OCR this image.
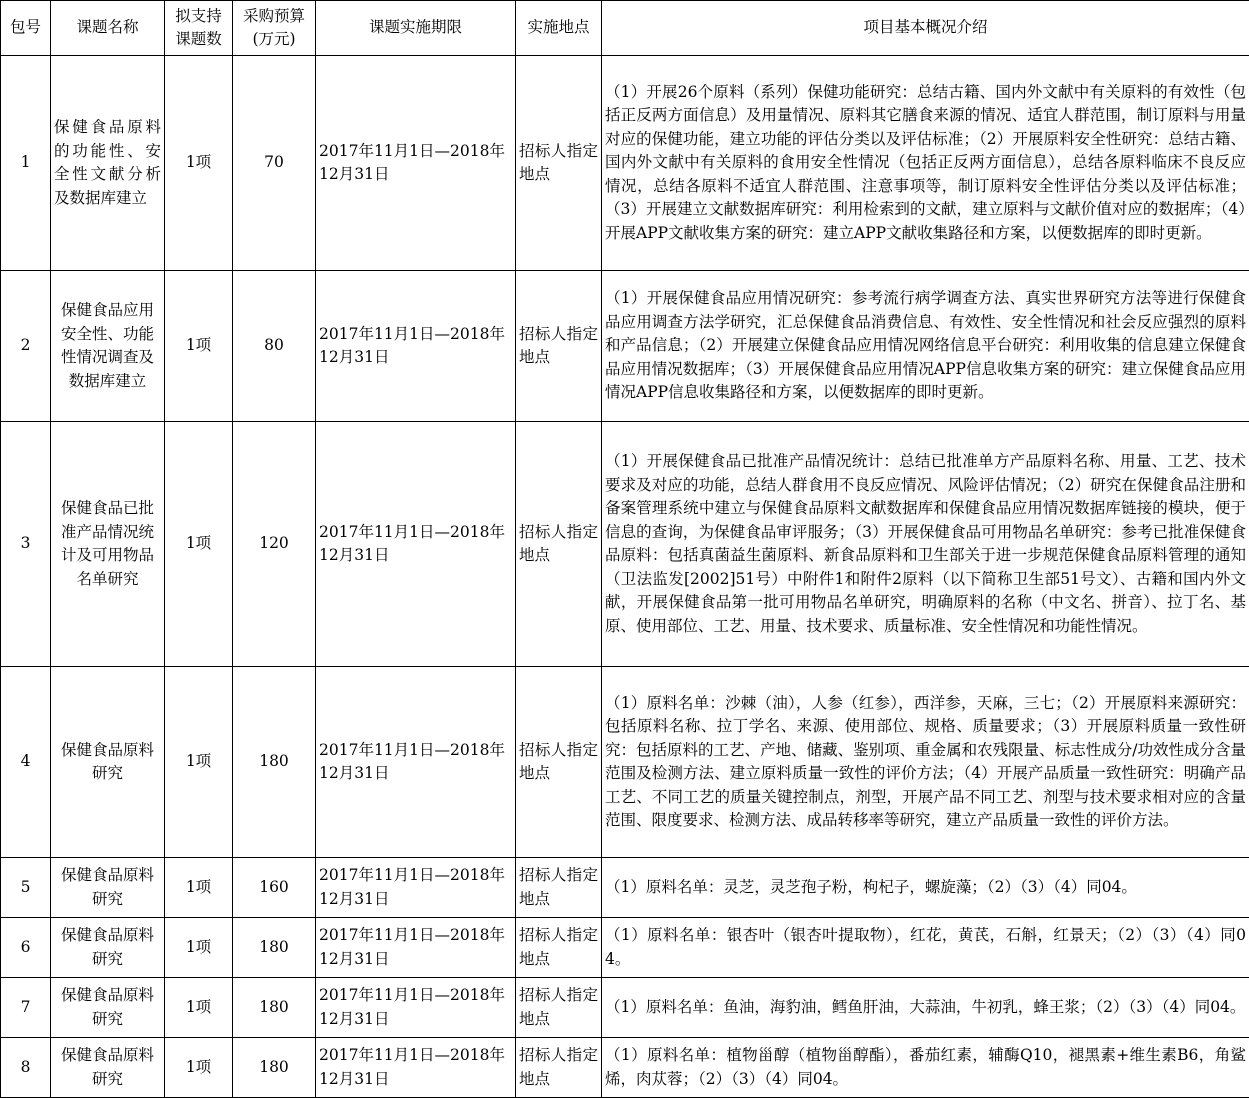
包号	课题名称	拟支持课题数	采购预算(万元)	课题实施期限	实施地点	项目基本概况介绍
1	保健食品原料的功能性、安全性文献分析及数据库建立	1项	70	2017年11月1日—2018年12月31日	招标人指定地点	（1）开展26个原料（系列）保健功能研究：总结古籍、国内外文献中有关原料的有效性（包括正反两方面信息）及用量情况、原料其它膳食来源的情况、适宜人群范围，制订原料与用量对应的保健功能，建立功能的评估分类以及评估标准；（2）开展原料安全性研究：总结古籍、国内外文献中有关原料的食用安全性情况（包括正反两方面信息），总结各原料临床不良反应情况，总结各原料不适宜人群范围、注意事项等，制订原料安全性评估分类以及评估标准；（3）开展建立文献数据库研究：利用检索到的文献，建立原料与文献价值对应的数据库；（4）开展APP文献收集方案的研究：建立APP文献收集路径和方案，以便数据库的即时更新。
2	保健食品应用安全性、功能性情况调查及数据库建立	1项	80	2017年11月1日—2018年12月31日	招标人指定地点	（1）开展保健食品应用情况研究：参考流行病学调查方法、真实世界研究方法等进行保健食品应用调查方法学研究，汇总保健食品消费信息、有效性、安全性情况和社会反应强烈的原料和产品信息；（2）开展建立保健食品应用情况网络信息平台研究：利用收集的信息建立保健食品应用情况数据库；（3）开展保健食品应用情况APP信息收集方案的研究：建立保健食品应用情况APP信息收集路径和方案，以便数据库的即时更新。
3	保健食品已批准产品情况统计及可用物品名单研究	1项	120	2017年11月1日—2018年12月31日	招标人指定地点	（1）开展保健食品已批准产品情况统计：总结已批准单方产品原料名称、用量、工艺、技术要求及对应的功能，总结人群食用不良反应情况、风险评估情况；（2）研究在保健食品注册和备案管理系统中建立与保健食品原料文献数据库和保健食品应用情况数据库链接的模块，便于信息的查询，为保健食品审评服务；（3）开展保健食品可用物品名单研究：参考已批准保健食品原料：包括真菌益生菌原料、新食品原料和卫生部关于进一步规范保健食品原料管理的通知（卫法监发[2002]51号）中附件1和附件2原料（以下简称卫生部51号文）、古籍和国内外文献，开展保健食品第一批可用物品名单研究，明确原料的名称（中文名、拼音）、拉丁名、基原、使用部位、工艺、用量、技术要求、质量标准、安全性情况和功能性情况。
4	保健食品原料研究	1项	180	2017年11月1日—2018年12月31日	招标人指定地点	（1）原料名单：沙棘（油），人参（红参），西洋参，天麻，三七；（2）开展原料来源研究：包括原料名称、拉丁学名、来源、使用部位、规格、质量要求；（3）开展原料质量一致性研究：包括原料的工艺、产地、储藏、鉴别项、重金属和农残限量、标志性成分/功效性成分含量范围及检测方法、建立原料质量一致性的评价方法；（4）开展产品质量一致性研究：明确产品工艺、不同工艺的质量关键控制点，剂型，开展产品不同工艺、剂型与技术要求相对应的含量范围、限度要求、检测方法、成品转移率等研究，建立产品质量一致性的评价方法。
5	保健食品原料研究	1项	160	2017年11月1日—2018年12月31日	招标人指定地点	（1）原料名单：灵芝，灵芝孢子粉，枸杞子，螺旋藻；（2）（3）（4）同04。
6	保健食品原料研究	1项	180	2017年11月1日—2018年12月31日	招标人指定地点	（1）原料名单：银杏叶（银杏叶提取物），红花，黄芪，石斛，红景天；（2）（3）（4）同04。
7	保健食品原料研究	1项	180	2017年11月1日—2018年12月31日	招标人指定地点	（1）原料名单：鱼油，海豹油，鳕鱼肝油，大蒜油，牛初乳，蜂王浆；（2）（3）（4）同04。
8	保健食品原料研究	1项	180	2017年11月1日—2018年12月31日	招标人指定地点	（1）原料名单：植物甾醇（植物甾醇酯），番茄红素，辅酶Q10，褪黑素+维生素B6，角鲨烯，肉苁蓉；（2）（3）（4）同04。
